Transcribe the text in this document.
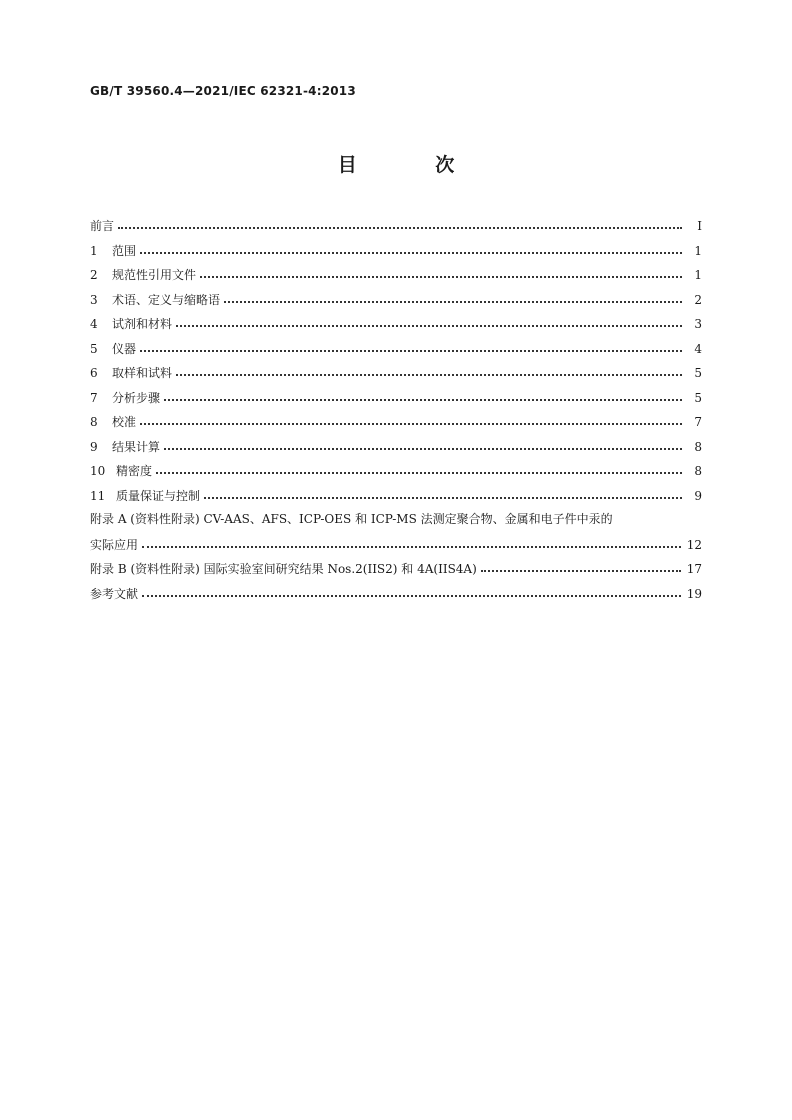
GB/T 39560.4—2021/IEC 62321-4:2013
目 次
前言	Ⅰ
1 范围	1
2 规范性引用文件	1
3 术语、定义与缩略语	2
4 试剂和材料	3
5 仪器	4
6 取样和试料	5
7 分析步骤	5
8 校准	7
9 结果计算	8
10 精密度	8
11 质量保证与控制	9
附录 A (资料性附录) CV-AAS、AFS、ICP-OES 和 ICP-MS 法测定聚合物、金属和电子件中汞的
实际应用	12
附录 B (资料性附录) 国际实验室间研究结果 Nos.2(IIS2) 和 4A(IIS4A)	17
参考文献	19
